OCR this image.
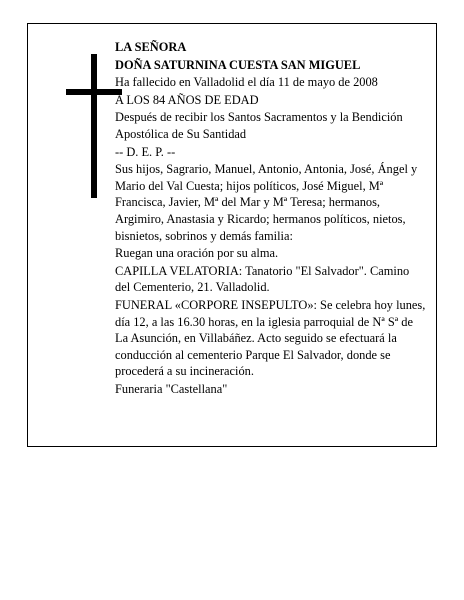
LA SEÑORA

DOÑA SATURNINA CUESTA SAN MIGUEL

Ha fallecido en Valladolid el día 11 de mayo de 2008

A LOS 84 AÑOS DE EDAD

Después de recibir los Santos Sacramentos y la Bendición Apostólica de Su Santidad

-- D. E. P. --

Sus hijos, Sagrario, Manuel, Antonio, Antonia, José, Ángel y Mario del Val Cuesta; hijos políticos, José Miguel, Mª Francisca, Javier, Mª del Mar y Mª Teresa; hermanos, Argimiro, Anastasia y Ricardo; hermanos políticos, nietos, bisnietos, sobrinos y demás familia:

Ruegan una oración por su alma.

CAPILLA VELATORIA: Tanatorio "El Salvador". Camino del Cementerio, 21. Valladolid.

FUNERAL «CORPORE INSEPULTO»: Se celebra hoy lunes, día 12, a las 16.30 horas, en la iglesia parroquial de Nª Sª de La Asunción, en Villabáñez. Acto seguido se efectuará la conducción al cementerio Parque El Salvador, donde se procederá a su incineración.

Funeraria "Castellana"
